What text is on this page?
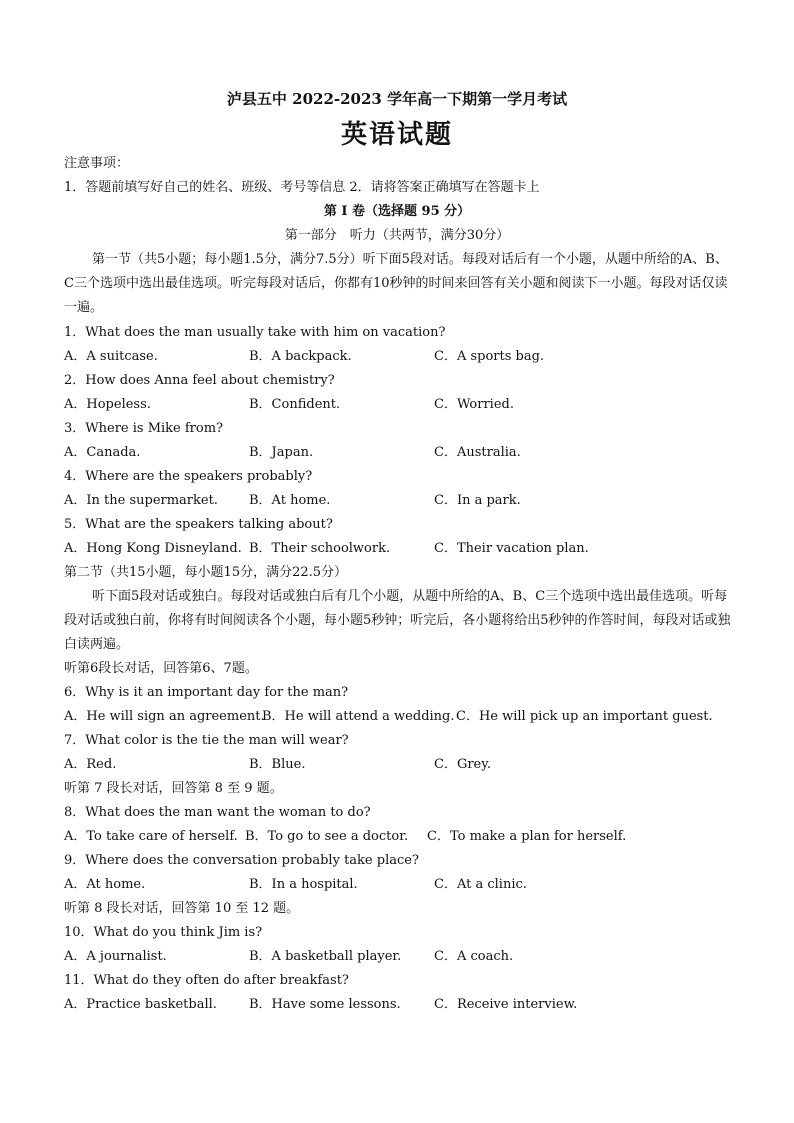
泸县五中 2022-2023 学年高一下期第一学月考试
英语试题
注意事项：
1．答题前填写好自己的姓名、班级、考号等信息 2．请将答案正确填写在答题卡上
第 I 卷（选择题 95 分）
第一部分　听力（共两节，满分30分）
第一节（共5小题；每小题1.5分，满分7.5分）听下面5段对话。每段对话后有一个小题，从题中所给的A、B、C三个选项中选出最佳选项。听完每段对话后，你都有10秒钟的时间来回答有关小题和阅读下一小题。每段对话仅读一遍。
1．What does the man usually take with him on vacation?
A．A suitcase.	B．A backpack.	C．A sports bag.
2．How does Anna feel about chemistry?
A．Hopeless.	B．Confident.	C．Worried.
3．Where is Mike from?
A．Canada.	B．Japan.	C．Australia.
4．Where are the speakers probably?
A．In the supermarket. B．At home.	C．In a park.
5．What are the speakers talking about?
A．Hong Kong Disneyland. B．Their schoolwork.	C．Their vacation plan.
第二节（共15小题，每小题15分，满分22.5分）
听下面5段对话或独白。每段对话或独白后有几个小题，从题中所给的A、B、C三个选项中选出最佳选项。听每段对话或独白前，你将有时间阅读各个小题，每小题5秒钟；听完后，各小题将给出5秒钟的作答时间，每段对话或独白读两遍。
听第6段长对话，回答第6、7题。
6．Why is it an important day for the man?
A．He will sign an agreement.
B．He will attend a wedding. C．He will pick up an important guest.
7．What color is the tie the man will wear?
A．Red.	B．Blue.	C．Grey.
听第 7 段长对话，回答第 8 至 9 题。
8．What does the man want the woman to do?
A．To take care of herself. B．To go to see a doctor. C．To make a plan for herself.
9．Where does the conversation probably take place?
A．At home.	B．In a hospital.	C．At a clinic.
听第 8 段长对话，回答第 10 至 12 题。
10．What do you think Jim is?
A．A journalist.	B．A basketball player.	C．A coach.
11．What do they often do after breakfast?
A．Practice basketball. B．Have some lessons.	C．Receive interview.
